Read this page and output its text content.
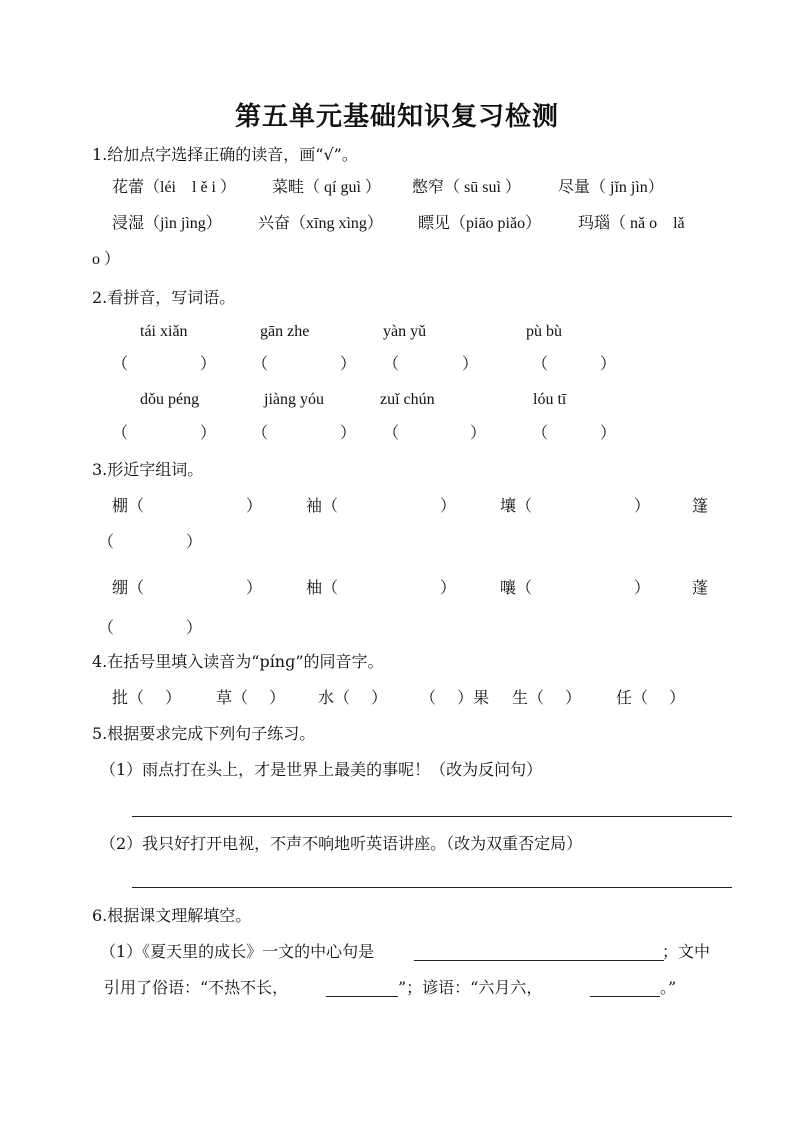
第五单元基础知识复习检测
1.给加点字选择正确的读音，画“√”。
花蕾（léi　l ě i ） 菜畦（ qí guì ） 憋窄（ sū suì ） 尽量（ jǐn jìn）
浸湿（jìn jìng） 兴奋（xīng xìng） 瞟见（piāo piǎo） 玛瑙（ nǎ o　lǎ
o ）
2.看拼音，写词语。
tái xiǎn	gān zhe	yàn yǔ	pù bù
（	） （	） （	）	（	）
dǒu péng	jiàng yóu	zuǐ chún	lóu tī
（	） （	） （	）	（	）
3.形近字组词。
棚（	）	袖（	）	壤（	）	篷
（	）
绷（	）	柚（	）	嚷（	）	蓬
（	）
4.在括号里填入读音为“pínɡ”的同音字。
批（　 ） 草（　 ） 水（　 ） （　 ）果 生（　 ） 任（　 ）
5.根据要求完成下列句子练习。
（1）雨点打在头上，才是世界上最美的事呢！（改为反问句）
（2）我只好打开电视，不声不响地听英语讲座。（改为双重否定局）
6.根据课文理解填空。
（1）《夏天里的成长》一文的中心句是	；文中
引用了俗语：“不热不长，	”；谚语：“六月六，	。”
